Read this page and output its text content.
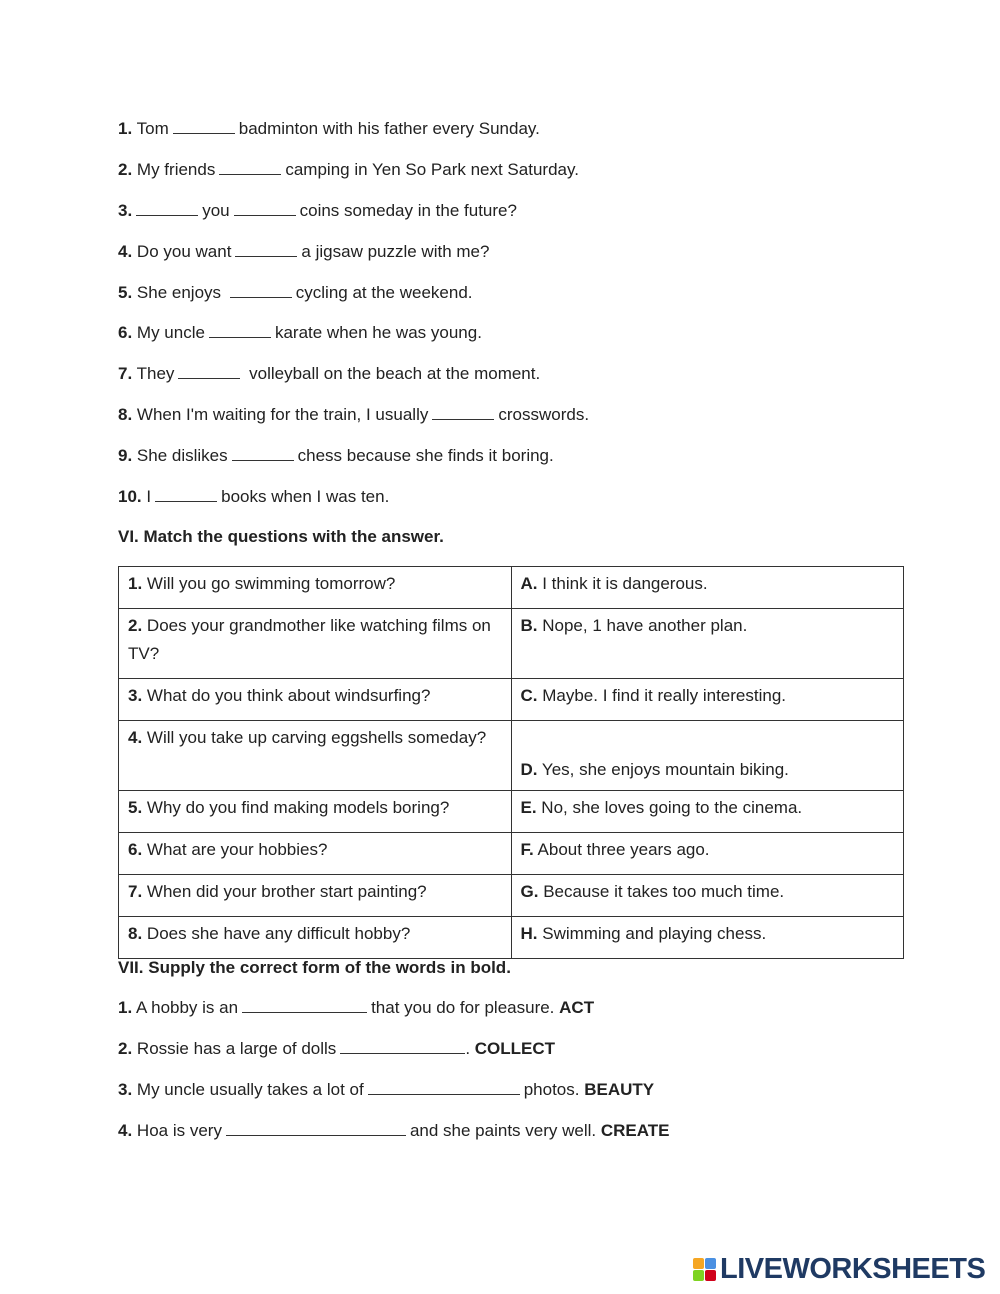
1. Tom	badminton with his father every Sunday.
2. My friends	camping in Yen So Park next Saturday.
3.	you	coins someday in the future?
4. Do you want	a jigsaw puzzle with me?
5. She enjoys	cycling at the weekend.
6. My uncle	karate when he was young.
7. They	volleyball on the beach at the moment.
8. When I'm waiting for the train, I usually	crosswords.
9. She dislikes	chess because she finds it boring.
10. I	books when I was ten.
VI. Match the questions with the answer.
1. Will you go swimming tomorrow?	A. I think it is dangerous.
2. Does your grandmother like watching films on TV?	B. Nope, 1 have another plan.
3. What do you think about windsurfing?	C. Maybe. I find it really interesting.
4. Will you take up carving eggshells someday?	D. Yes, she enjoys mountain biking.
5. Why do you find making models boring?	E. No, she loves going to the cinema.
6. What are your hobbies?	F. About three years ago.
7. When did your brother start painting?	G. Because it takes too much time.
8. Does she have any difficult hobby?	H. Swimming and playing chess.
VII. Supply the correct form of the words in bold.
1. A hobby is an	that you do for pleasure. ACT
2. Rossie has a large of dolls	. COLLECT
3. My uncle usually takes a lot of	photos. BEAUTY
4. Hoa is very	and she paints very well. CREATE
LIVEWORKSHEETS
